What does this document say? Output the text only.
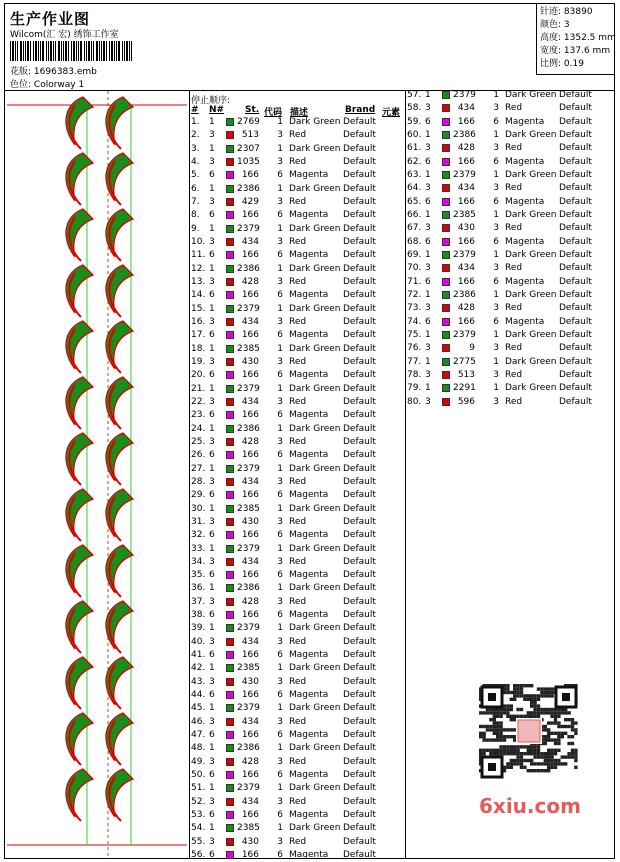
生产作业图
Wilcom(汇 宏) 绣饰工作室
花版: 1696383.emb
色位: Colorway 1
针迹: 83890
颜色: 3
高度: 1352.5 mm
宽度: 137.6 mm
比例: 0.19
停止顺序:
# N# St. 代码 描述	Brand 元素
1. 1 2769	1 Dark Green Default
2. 3	513	3 Red	Default
3. 1 2307	1 Dark Green Default
4. 3 1035	3 Red	Default
5. 6	166	6 Magenta Default
6. 1 2386	1 Dark Green Default
7. 3	429	3 Red	Default
8. 6	166	6 Magenta Default
9. 1 2379	1 Dark Green Default
10. 3	434	3 Red	Default
11. 6	166	6 Magenta Default
12. 1 2386	1 Dark Green Default
13. 3	428	3 Red	Default
14. 6	166	6 Magenta Default
15. 1 2379	1 Dark Green Default
16. 3	434	3 Red	Default
17. 6	166	6 Magenta Default
18. 1 2385	1 Dark Green Default
19. 3	430	3 Red	Default
20. 6	166	6 Magenta Default
21. 1 2379	1 Dark Green Default
22. 3	434	3 Red	Default
23. 6	166	6 Magenta Default
24. 1 2386	1 Dark Green Default
25. 3	428	3 Red	Default
26. 6	166	6 Magenta Default
27. 1 2379	1 Dark Green Default
28. 3	434	3 Red	Default
29. 6	166	6 Magenta Default
30. 1 2385	1 Dark Green Default
31. 3	430	3 Red	Default
32. 6	166	6 Magenta Default
33. 1 2379	1 Dark Green Default
34. 3	434	3 Red	Default
35. 6	166	6 Magenta Default
36. 1 2386	1 Dark Green Default
37. 3	428	3 Red	Default
38. 6	166	6 Magenta Default
39. 1 2379	1 Dark Green Default
40. 3	434	3 Red	Default
41. 6	166	6 Magenta Default
42. 1 2385	1 Dark Green Default
43. 3	430	3 Red	Default
44. 6	166	6 Magenta Default
45. 1 2379	1 Dark Green Default
46. 3	434	3 Red	Default
47. 6	166	6 Magenta Default
48. 1 2386	1 Dark Green Default
49. 3	428	3 Red	Default
50. 6	166	6 Magenta Default
51. 1 2379	1 Dark Green Default
52. 3	434	3 Red	Default
53. 6	166	6 Magenta Default
54. 1 2385	1 Dark Green Default
55. 3	430	3 Red	Default
56. 6	166	6 Magenta Default
57. 1 2379	1 Dark Green Default
58. 3	434	3 Red	Default
59. 6	166	6 Magenta Default
60. 1 2386	1 Dark Green Default
61. 3	428	3 Red	Default
62. 6	166	6 Magenta Default
63. 1 2379	1 Dark Green Default
64. 3	434	3 Red	Default
65. 6	166	6 Magenta Default
66. 1 2385	1 Dark Green Default
67. 3	430	3 Red	Default
68. 6	166	6 Magenta Default
69. 1 2379	1 Dark Green Default
70. 3	434	3 Red	Default
71. 6	166	6 Magenta Default
72. 1 2386	1 Dark Green Default
73. 3	428	3 Red	Default
74. 6	166	6 Magenta Default
75. 1 2379	1 Dark Green Default
76. 3	9	3 Red	Default
77. 1 2775	1 Dark Green Default
78. 3	513	3 Red	Default
79. 1 2291	1 Dark Green Default
80. 3	596	3 Red	Default
6xiu.com
